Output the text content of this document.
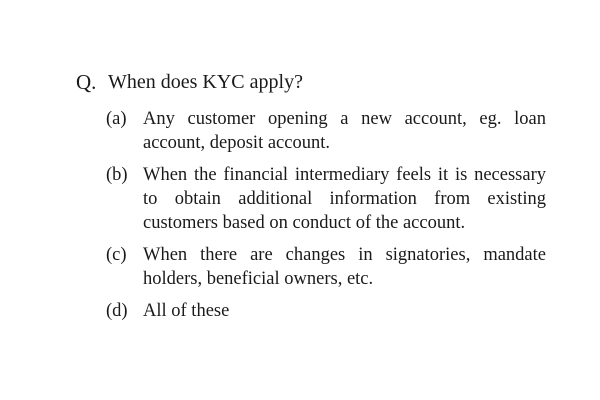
Q. When does KYC apply?
(a) Any customer opening a new account, eg. loan account, deposit account.
(b) When the financial intermediary feels it is necessary to obtain additional information from existing customers based on conduct of the account.
(c) When there are changes in signatories, mandate holders, beneficial owners, etc.
(d) All of these
